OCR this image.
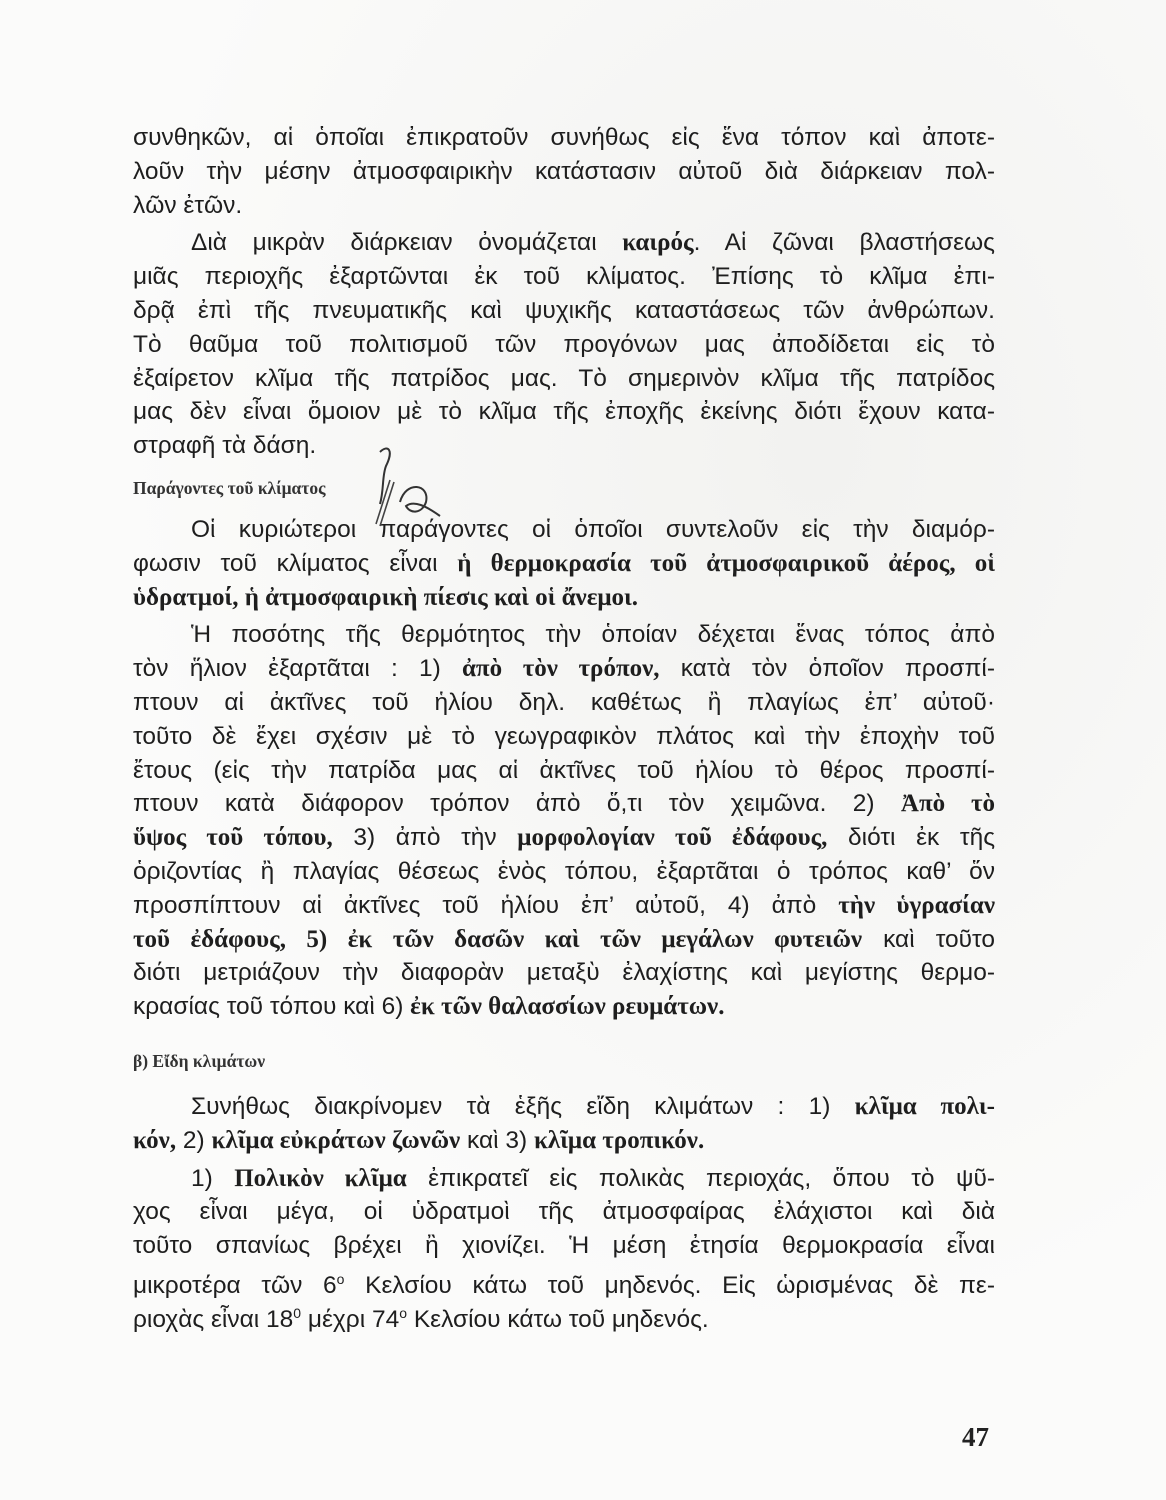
συνθηκῶν, αἱ ὁποῖαι ἐπικρατοῦν συνήθως εἰς ἕνα τόπον καὶ ἀποτε-
λοῦν τὴν μέσην ἀτμοσφαιρικὴν κατάστασιν αὐτοῦ διὰ διάρκειαν πολ-
λῶν ἐτῶν.
Διὰ μικρὰν διάρκειαν ὀνομάζεται καιρός. Αἱ ζῶναι βλαστήσεως
μιᾶς περιοχῆς ἐξαρτῶνται ἐκ τοῦ κλίματος. Ἐπίσης τὸ κλῖμα ἐπι-
δρᾷ ἐπὶ τῆς πνευματικῆς καὶ ψυχικῆς καταστάσεως τῶν ἀνθρώπων.
Τὸ θαῦμα τοῦ πολιτισμοῦ τῶν προγόνων μας ἀποδίδεται εἰς τὸ
ἐξαίρετον κλῖμα τῆς πατρίδος μας. Τὸ σημερινὸν κλῖμα τῆς πατρίδος
μας δὲν εἶναι ὅμοιον μὲ τὸ κλῖμα τῆς ἐποχῆς ἐκείνης διότι ἔχουν κατα-
στραφῆ τὰ δάση.
Παράγοντες τοῦ κλίματος
Οἱ κυριώτεροι παράγοντες οἱ ὁποῖοι συντελοῦν εἰς τὴν διαμόρ-
φωσιν τοῦ κλίματος εἶναι ἡ θερμοκρασία τοῦ ἀτμοσφαιρικοῦ ἀέρος, οἱ
ὑδρατμοί, ἡ ἀτμοσφαιρικὴ πίεσις καὶ οἱ ἄνεμοι.
Ἡ ποσότης τῆς θερμότητος τὴν ὁποίαν δέχεται ἕνας τόπος ἀπὸ
τὸν ἥλιον ἐξαρτᾶται : 1) ἀπὸ τὸν τρόπον, κατὰ τὸν ὁποῖον προσπί-
πτουν αἱ ἀκτῖνες τοῦ ἡλίου δηλ. καθέτως ἢ πλαγίως ἐπ’ αὐτοῦ·
τοῦτο δὲ ἔχει σχέσιν μὲ τὸ γεωγραφικὸν πλάτος καὶ τὴν ἐποχὴν τοῦ
ἔτους (εἰς τὴν πατρίδα μας αἱ ἀκτῖνες τοῦ ἡλίου τὸ θέρος προσπί-
πτουν κατὰ διάφορον τρόπον ἀπὸ ὅ,τι τὸν χειμῶνα. 2) Ἀπὸ τὸ
ὕψος τοῦ τόπου, 3) ἀπὸ τὴν μορφολογίαν τοῦ ἐδάφους, διότι ἐκ τῆς
ὁριζοντίας ἢ πλαγίας θέσεως ἑνὸς τόπου, ἐξαρτᾶται ὁ τρόπος καθ’ ὅν
προσπίπτουν αἱ ἀκτῖνες τοῦ ἡλίου ἐπ’ αὐτοῦ, 4) ἀπὸ τὴν ὑγρασίαν
τοῦ ἐδάφους, 5) ἐκ τῶν δασῶν καὶ τῶν μεγάλων φυτειῶν καὶ τοῦτο
διότι μετριάζουν τὴν διαφορὰν μεταξὺ ἐλαχίστης καὶ μεγίστης θερμο-
κρασίας τοῦ τόπου καὶ 6) ἐκ τῶν θαλασσίων ρευμάτων.
β) Εἴδη κλιμάτων
Συνήθως διακρίνομεν τὰ ἑξῆς εἴδη κλιμάτων : 1) κλῖμα πολι-
κόν, 2) κλῖμα εὐκράτων ζωνῶν καὶ 3) κλῖμα τροπικόν.
1) Πολικὸν κλῖμα ἐπικρατεῖ εἰς πολικὰς περιοχάς, ὅπου τὸ ψῦ-
χος εἶναι μέγα, οἱ ὑδρατμοὶ τῆς ἀτμοσφαίρας ἐλάχιστοι καὶ διὰ
τοῦτο σπανίως βρέχει ἢ χιονίζει. Ἡ μέση ἐτησία θερμοκρασία εἶναι
μικροτέρα τῶν $6^o$ Κελσίου κάτω τοῦ μηδενός. Εἰς ὡρισμένας δὲ πε-
ριοχὰς εἶναι $18^0$ μέχρι $74^o$ Κελσίου κάτω τοῦ μηδενός.
47
